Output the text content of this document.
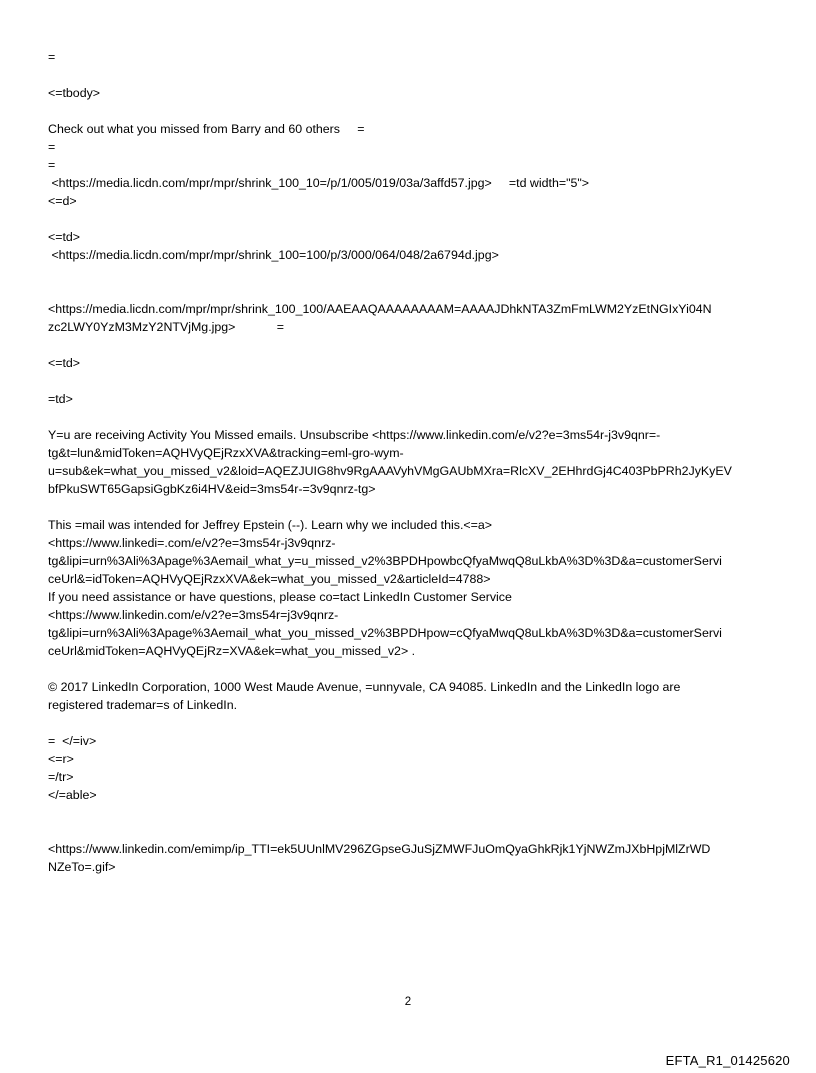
=

<=tbody>

Check out what you missed from Barry and 60 others     =

=

=

<https://media.licdn.com/mpr/mpr/shrink_100_10=/p/1/005/019/03a/3affd57.jpg>     =td width="5">

<=d>

<=td>

<https://media.licdn.com/mpr/mpr/shrink_100=100/p/3/000/064/048/2a6794d.jpg>

<https://media.licdn.com/mpr/mpr/shrink_100_100/AAEAAQAAAAAAAAM=AAAAJDhkNTA3ZmFmLWM2YzEtNGIxYi04N

zc2LWY0YzM3MzY2NTVjMg.jpg>            =

<=td>

=td>

Y=u are receiving Activity You Missed emails. Unsubscribe <https://www.linkedin.com/e/v2?e=3ms54r-j3v9qnr=-

tg&t=lun&midToken=AQHVyQEjRzxXVA&tracking=eml-gro-wym-

u=sub&ek=what_you_missed_v2&loid=AQEZJUIG8hv9RgAAAVyhVMgGAUbMXra=RlcXV_2EHhrdGj4C403PbPRh2JyKyEV

bfPkuSWT65GapsiGgbKz6i4HV&eid=3ms54r-=3v9qnrz-tg>

This =mail was intended for Jeffrey Epstein (--). Learn why we included this.<=a>

<https://www.linkedi=.com/e/v2?e=3ms54r-j3v9qnrz-

tg&lipi=urn%3Ali%3Apage%3Aemail_what_y=u_missed_v2%3BPDHpowbcQfyaMwqQ8uLkbA%3D%3D&a=customerServi

ceUrl&=idToken=AQHVyQEjRzxXVA&ek=what_you_missed_v2&articleId=4788>

If you need assistance or have questions, please co=tact LinkedIn Customer Service

<https://www.linkedin.com/e/v2?e=3ms54r=j3v9qnrz-

tg&lipi=urn%3Ali%3Apage%3Aemail_what_you_missed_v2%3BPDHpow=cQfyaMwqQ8uLkbA%3D%3D&a=customerServi

ceUrl&midToken=AQHVyQEjRz=XVA&ek=what_you_missed_v2> .

© 2017 LinkedIn Corporation, 1000 West Maude Avenue, =unnyvale, CA 94085. LinkedIn and the LinkedIn logo are

registered trademar=s of LinkedIn.

=  </=iv>

<=r>

=/tr>

</=able>

<https://www.linkedin.com/emimp/ip_TTI=ek5UUnlMV296ZGpseGJuSjZMWFJuOmQyaGhkRjk1YjNWZmJXbHpjMlZrWD

NZeTo=.gif>

2
EFTA_R1_01425620
